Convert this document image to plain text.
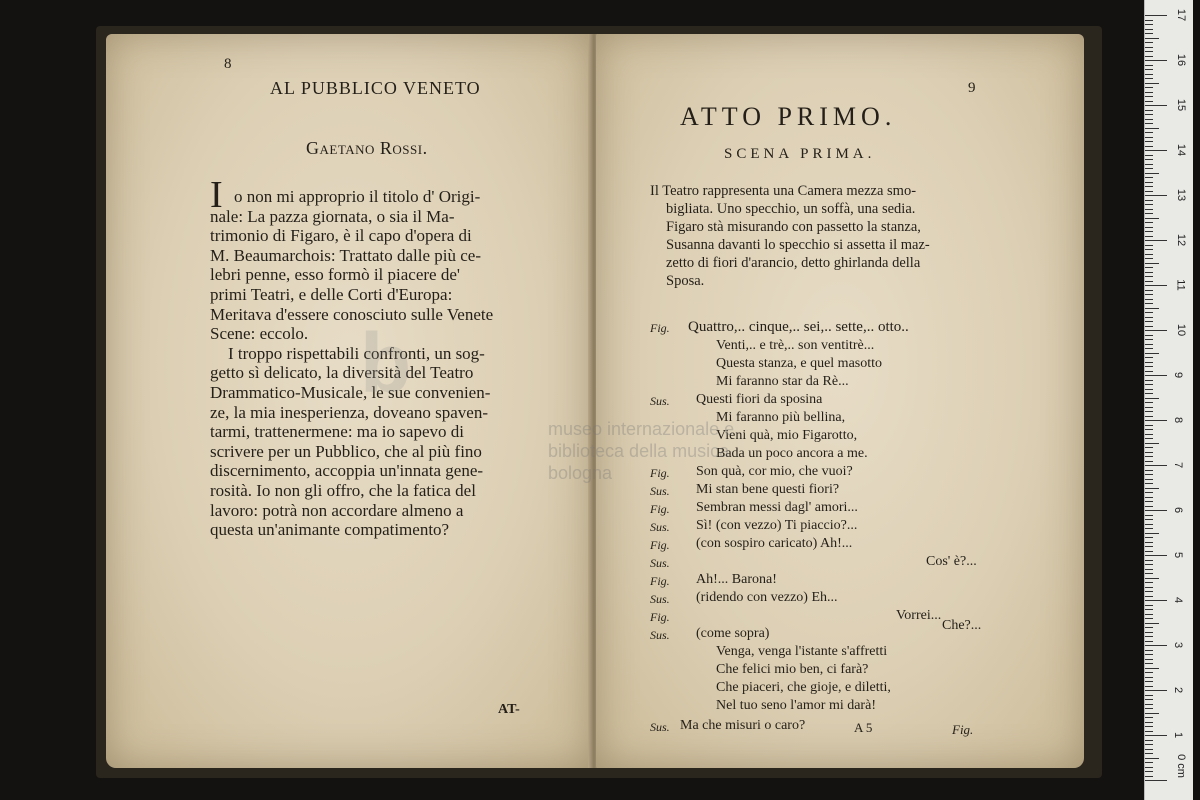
8
AL PUBBLICO VENETO
Gaetano Rossi.
I o non mi approprio il titolo d' Origi-
nale: La pazza giornata, o sia il Ma-
trimonio di Figaro, è il capo d'opera di
M. Beaumarchois: Trattato dalle più ce-
lebri penne, esso formò il piacere de'
primi Teatri, e delle Corti d'Europa:
Meritava d'essere conosciuto sulle Venete
Scene: eccolo.
I troppo rispettabili confronti, un sog-
getto sì delicato, la diversità del Teatro
Drammatico-Musicale, le sue convenien-
ze, la mia inesperienza, doveano spaven-
tarmi, trattenermene: ma io sapevo di
scrivere per un Pubblico, che al più fino
discernimento, accoppia un'innata gene-
rosità. Io non gli offro, che la fatica del
lavoro: potrà non accordare almeno a
questa un'animante compatimento?
AT-
9
ATTO PRIMO.
SCENA PRIMA.
Il Teatro rappresenta una Camera mezza smo-
bigliata. Uno specchio, un soffà, una sedia.
Figaro stà misurando con passetto la stanza,
Susanna davanti lo specchio si assetta il maz-
zetto di fiori d'arancio, detto ghirlanda della
Sposa.
Fig. Quattro,.. cinque,.. sei,.. sette,.. otto..
Venti,.. e trè,.. son ventitrè...
Questa stanza, e quel masotto
Mi faranno star da Rè...
Sus. Questi fiori da sposina
Mi faranno più bellina,
Vieni quà, mio Figarotto,
Bada un poco ancora a me.
Fig. Son quà, cor mio, che vuoi?
Sus. Mi stan bene questi fiori?
Fig. Sembran messi dagl' amori...
Sus. Sì! (con vezzo) Ti piaccio?...
Fig. (con sospiro caricato) Ah!...
Sus.	Cos' è?...
Fig. Ah!... Barona!
Sus. (ridendo con vezzo) Eh...
Fig.	Vorrei...
Sus. (come sopra)
Venga, venga l'istante s'affretti
Che felici mio ben, ci farà?
Che piaceri, che gioje, e diletti,
Nel tuo seno l'amor mi darà!
Sus. Ma che misuri o caro?
Che?...
A 5	Fig.
b
museo internazionale e
biblioteca della musica
bologna
0 cm
1
2
3
4
5
6
7
8
9
10
11
12
13
14
15
16
17
